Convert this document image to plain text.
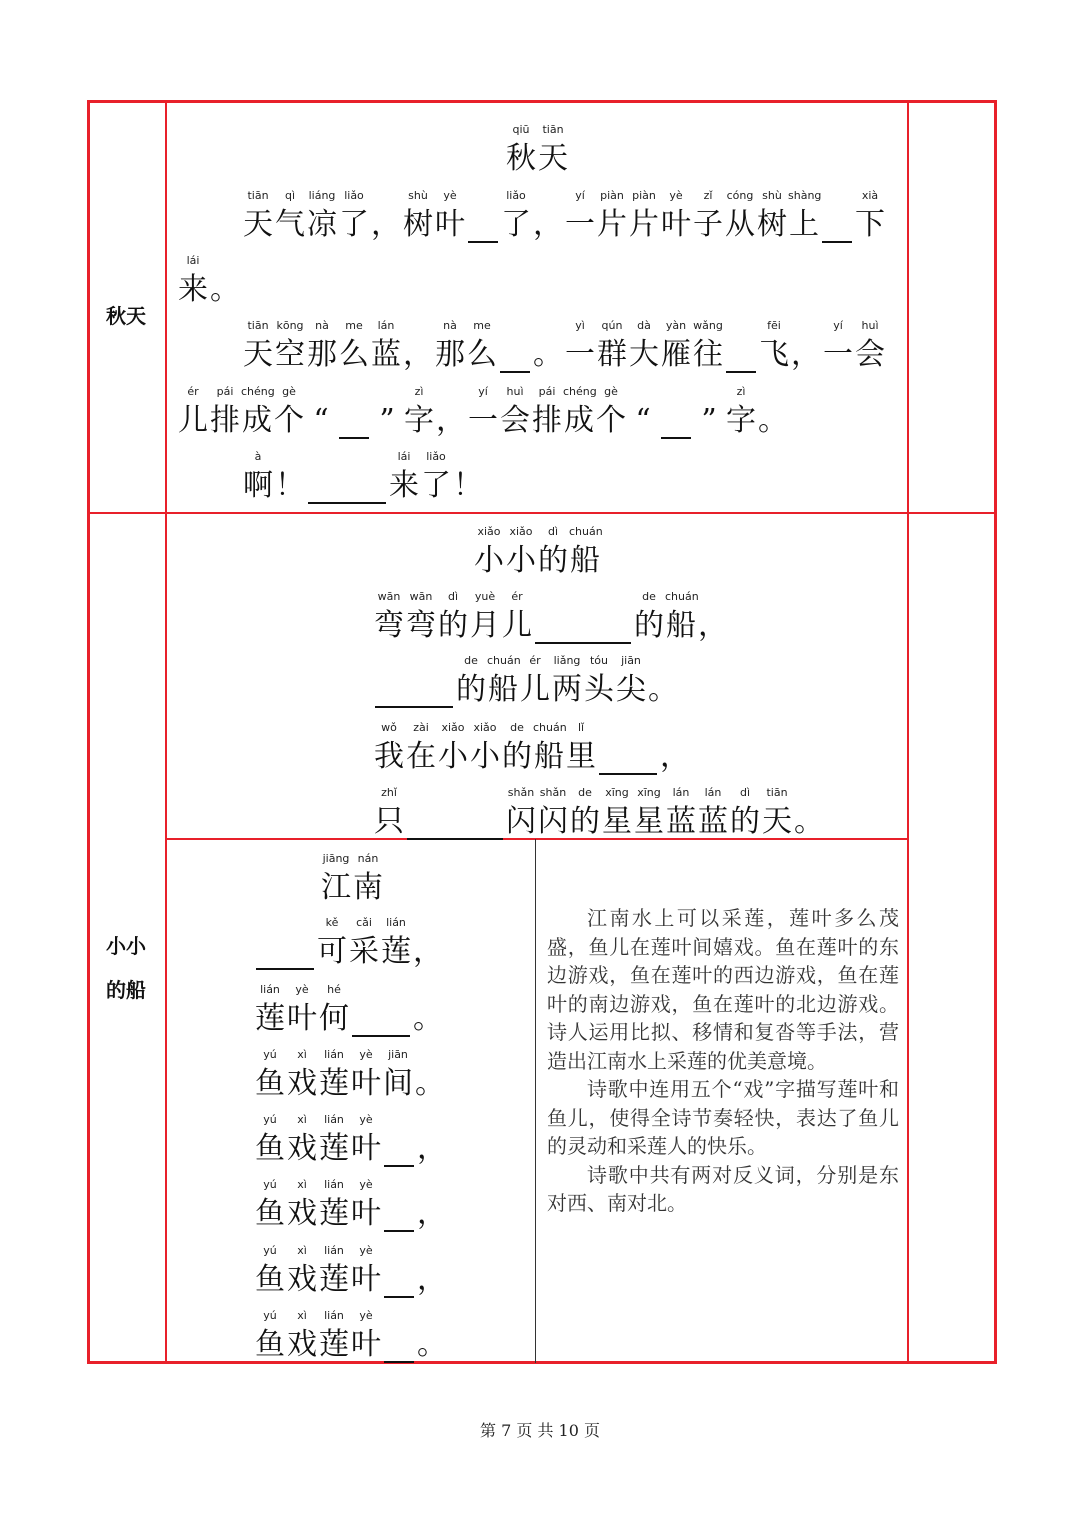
秋天
小小
的船
qiū
秋
tiān
天
tiān
天
qì
气
liáng
凉
liǎo
了 ，
shù
树
yè
叶
liǎo
了 ，
yí
一
piàn
片
piàn
片
yè
叶
zǐ
子
cóng
从
shù
树
shàng
上
xià
下
lái
来 。
tiān
天
kōng
空
nà
那
me
么
lán
蓝 ，
nà
那
me
么 。
yì
一
qún
群
dà
大
yàn
雁
wǎng
往
fēi
飞 ，
yí
一
huì
会
ér
儿
pái
排
chéng
成
gè
个 “ ”
zì
字 ，
yí
一
huì
会
pái
排
chéng
成
gè
个 “ ”
zì
字 。
à
啊 ！
lái
来
liǎo
了 ！
xiǎo
小
xiǎo
小
dì
的
chuán
船
wān
弯
wān
弯
dì
的
yuè
月
ér
儿
de
的
chuán
船 ，
de
的
chuán
船
ér
儿
liǎng
两
tóu
头
jiān
尖 。
wǒ
我
zài
在
xiǎo
小
xiǎo
小
de
的
chuán
船
lǐ
里 ，
zhǐ
只
shǎn
闪
shǎn
闪
de
的
xīng
星
xīng
星
lán
蓝
lán
蓝
dì
的
tiān
天 。
jiāng
江
nán
南
kě
可
cǎi
采
lián
莲 ，
lián
莲
yè
叶
hé
何 。
yú
鱼
xì
戏
lián
莲
yè
叶
jiān
间 。
yú
鱼
xì
戏
lián
莲
yè
叶 ，
yú
鱼
xì
戏
lián
莲
yè
叶 ，
yú
鱼
xì
戏
lián
莲
yè
叶 ，
yú
鱼
xì
戏
lián
莲
yè
叶 。

江南水上可以采莲，莲叶多么茂盛，鱼儿在莲叶间嬉戏。鱼在莲叶的东边游戏，鱼在莲叶的西边游戏，鱼在莲叶的南边游戏，鱼在莲叶的北边游戏。诗人运用比拟、移情和复沓等手法，营造出江南水上采莲的优美意境。

诗歌中连用五个“戏”字描写莲叶和鱼儿，使得全诗节奏轻快，表达了鱼儿的灵动和采莲人的快乐。

诗歌中共有两对反义词，分别是东对西、南对北。

第 7 页 共 10 页
